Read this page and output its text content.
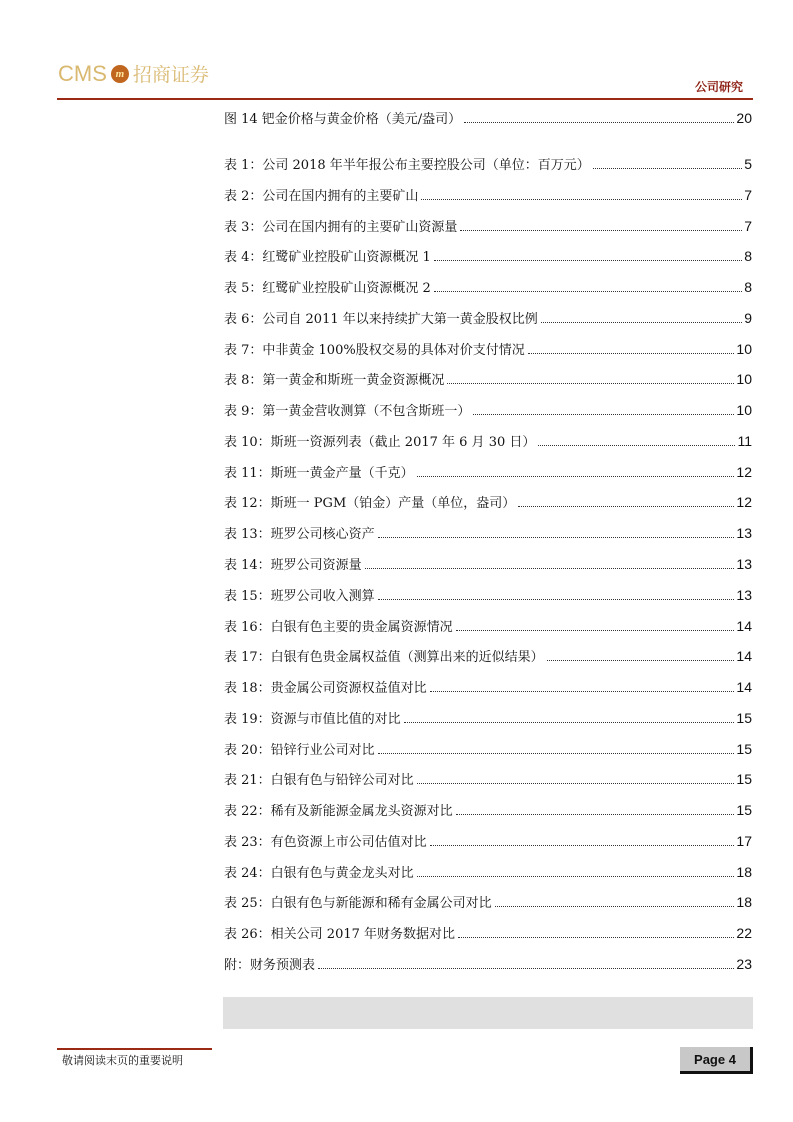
CMS m 招商证券
公司研究
图 14 钯金价格与黄金价格（美元/盎司）	20
表 1：公司 2018 年半年报公布主要控股公司（单位：百万元）	5
表 2：公司在国内拥有的主要矿山	7
表 3：公司在国内拥有的主要矿山资源量	7
表 4：红鹭矿业控股矿山资源概况 1	8
表 5：红鹭矿业控股矿山资源概况 2	8
表 6：公司自 2011 年以来持续扩大第一黄金股权比例	9
表 7：中非黄金 100%股权交易的具体对价支付情况	10
表 8：第一黄金和斯班一黄金资源概况	10
表 9：第一黄金营收测算（不包含斯班一）	10
表 10：斯班一资源列表（截止 2017 年 6 月 30 日）	11
表 11：斯班一黄金产量（千克）	12
表 12：斯班一 PGM（铂金）产量（单位，盎司）	12
表 13：班罗公司核心资产	13
表 14：班罗公司资源量	13
表 15：班罗公司收入测算	13
表 16：白银有色主要的贵金属资源情况	14
表 17：白银有色贵金属权益值（测算出来的近似结果）	14
表 18：贵金属公司资源权益值对比	14
表 19：资源与市值比值的对比	15
表 20：铅锌行业公司对比	15
表 21：白银有色与铅锌公司对比	15
表 22：稀有及新能源金属龙头资源对比	15
表 23：有色资源上市公司估值对比	17
表 24：白银有色与黄金龙头对比	18
表 25：白银有色与新能源和稀有金属公司对比	18
表 26：相关公司 2017 年财务数据对比	22
附：财务预测表	23
敬请阅读末页的重要说明	Page 4
